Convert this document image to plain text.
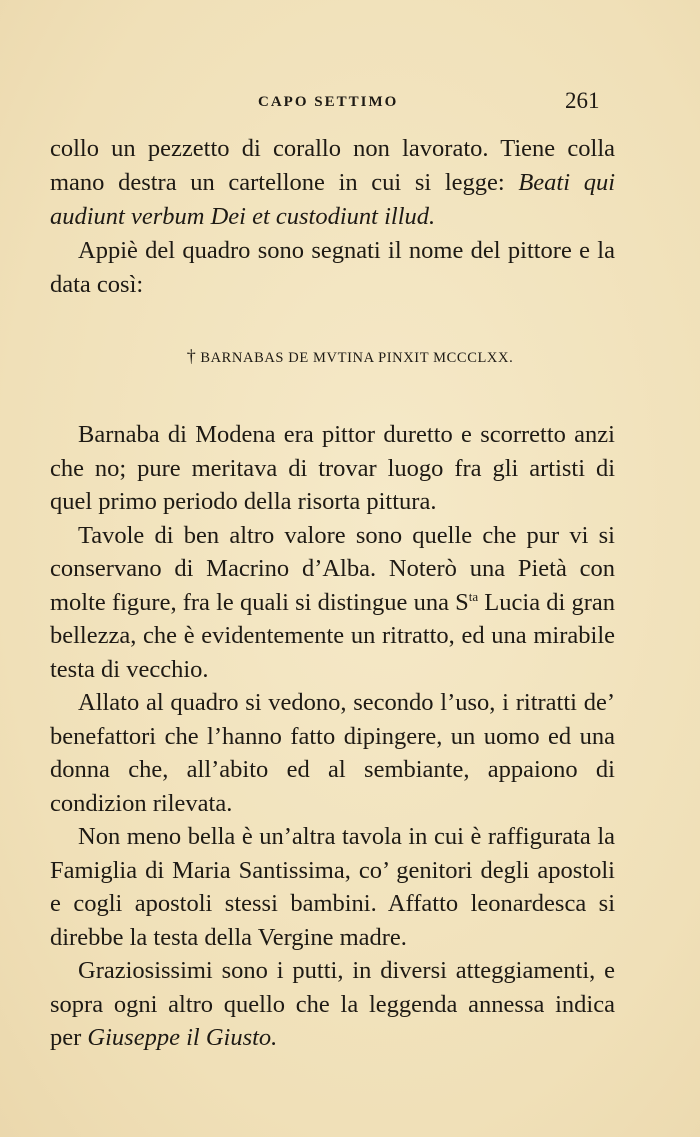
CAPO SETTIMO	261

collo un pezzetto di corallo non lavorato. Tiene colla mano destra un cartellone in cui si legge: Beati qui audiunt verbum Dei et custodiunt illud.

Appiè del quadro sono segnati il nome del pittore e la data così:

† BARNABAS DE MVTINA PINXIT MCCCLXX.

Barnaba di Modena era pittor duretto e scorretto anzi che no; pure meritava di trovar luogo fra gli artisti di quel primo periodo della risorta pittura.

Tavole di ben altro valore sono quelle che pur vi si conservano di Macrino d’Alba. Noterò una Pietà con molte figure, fra le quali si distingue una $S^{ta}$ Lucia di gran bellezza, che è evidentemente un ritratto, ed una mirabile testa di vecchio.

Allato al quadro si vedono, secondo l’uso, i ritratti de’ benefattori che l’hanno fatto dipingere, un uomo ed una donna che, all’abito ed al sembiante, appaiono di condizion rilevata.

Non meno bella è un’altra tavola in cui è raffigurata la Famiglia di Maria Santissima, co’ genitori degli apostoli e cogli apostoli stessi bambini. Affatto leonardesca si direbbe la testa della Vergine madre.

Graziosissimi sono i putti, in diversi atteggiamenti, e sopra ogni altro quello che la leggenda annessa indica per Giuseppe il Giusto.
